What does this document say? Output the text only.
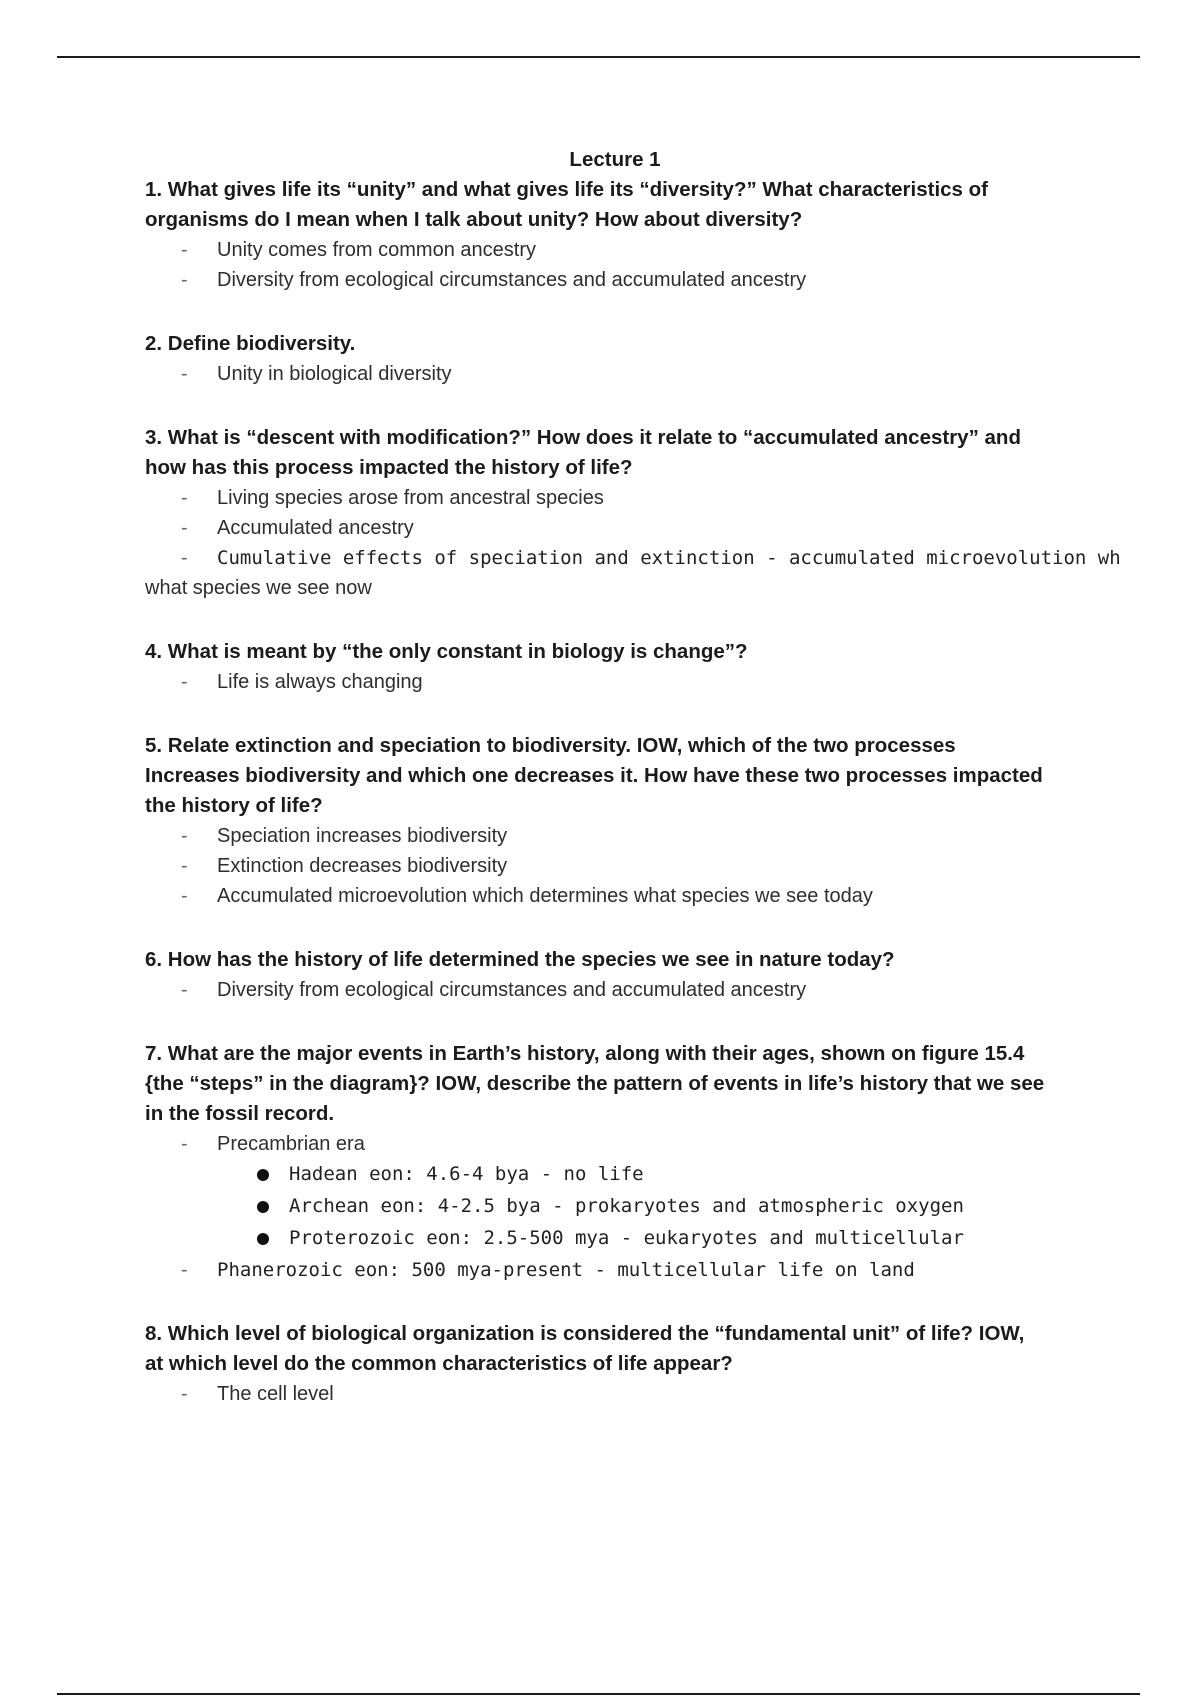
Lecture 1

1. What gives life its “unity” and what gives life its “diversity?” What characteristics of organisms do I mean when I talk about unity? How about diversity?

- Unity comes from common ancestry
- Diversity from ecological circumstances and accumulated ancestry

2. Define biodiversity.

- Unity in biological diversity

3. What is “descent with modification?” How does it relate to “accumulated ancestry” and how has this process impacted the history of life?

- Living species arose from ancestral species
- Accumulated ancestry
- Cumulative effects of speciation and extinction - accumulated microevolution wh
what species we see now

4. What is meant by “the only constant in biology is change”?

- Life is always changing

5. Relate extinction and speciation to biodiversity. IOW, which of the two processes Increases biodiversity and which one decreases it. How have these two processes impacted the history of life?

- Speciation increases biodiversity
- Extinction decreases biodiversity
- Accumulated microevolution which determines what species we see today

6. How has the history of life determined the species we see in nature today?

- Diversity from ecological circumstances and accumulated ancestry

7. What are the major events in Earth’s history, along with their ages, shown on figure 15.4 {the “steps” in the diagram}? IOW, describe the pattern of events in life’s history that we see in the fossil record.

- Precambrian era
Hadean eon: 4.6-4 bya - no life
Archean eon: 4-2.5 bya - prokaryotes and atmospheric oxygen
Proterozoic eon: 2.5-500 mya - eukaryotes and multicellular
- Phanerozoic eon: 500 mya-present - multicellular life on land

8. Which level of biological organization is considered the “fundamental unit” of life? IOW, at which level do the common characteristics of life appear?

- The cell level
